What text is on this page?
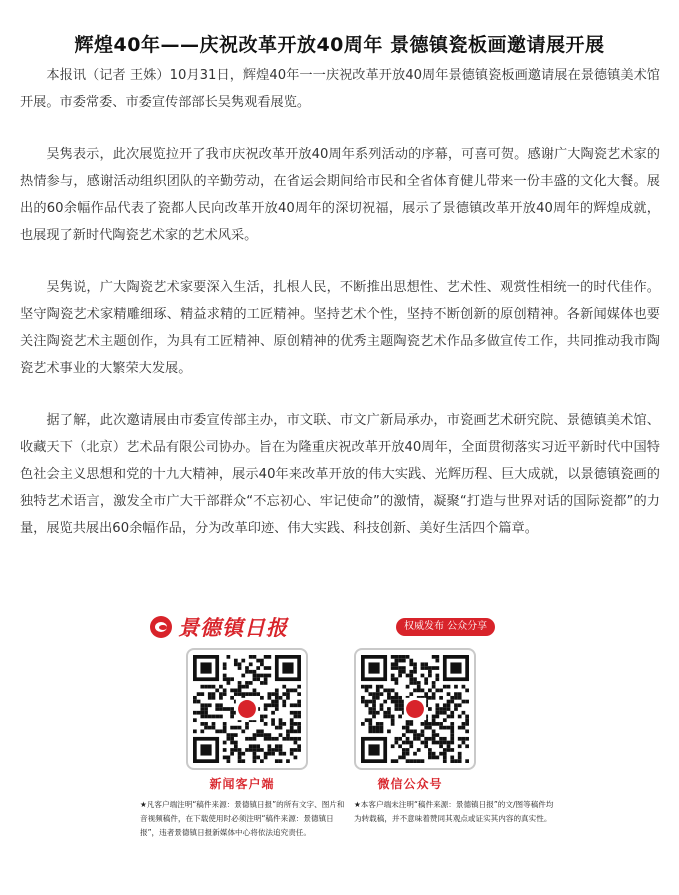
辉煌40年——庆祝改革开放40周年 景德镇瓷板画邀请展开展

本报讯（记者 王姝）10月31日，辉煌40年一一庆祝改革开放40周年景德镇瓷板画邀请展在景德镇美术馆开展。市委常委、市委宣传部部长吴隽观看展览。

吴隽表示，此次展览拉开了我市庆祝改革开放40周年系列活动的序幕，可喜可贺。感谢广大陶瓷艺术家的热情参与，感谢活动组织团队的辛勤劳动，在省运会期间给市民和全省体育健儿带来一份丰盛的文化大餐。展出的60余幅作品代表了瓷都人民向改革开放40周年的深切祝福，展示了景德镇改革开放40周年的辉煌成就，也展现了新时代陶瓷艺术家的艺术风采。

吴隽说，广大陶瓷艺术家要深入生活，扎根人民，不断推出思想性、艺术性、观赏性相统一的时代佳作。坚守陶瓷艺术家精雕细琢、精益求精的工匠精神。坚持艺术个性，坚持不断创新的原创精神。各新闻媒体也要关注陶瓷艺术主题创作，为具有工匠精神、原创精神的优秀主题陶瓷艺术作品多做宣传工作，共同推动我市陶瓷艺术事业的大繁荣大发展。

据了解，此次邀请展由市委宣传部主办，市文联、市文广新局承办，市瓷画艺术研究院、景德镇美术馆、收藏天下（北京）艺术品有限公司协办。旨在为隆重庆祝改革开放40周年，全面贯彻落实习近平新时代中国特色社会主义思想和党的十九大精神，展示40年来改革开放的伟大实践、光辉历程、巨大成就，以景德镇瓷画的独特艺术语言，激发全市广大干部群众“不忘初心、牢记使命”的激情，凝聚“打造与世界对话的国际瓷都”的力量，展览共展出60余幅作品，分为改革印迹、伟大实践、科技创新、美好生活四个篇章。

景德镇日报	权威发布 公众分享
新闻客户端	微信公众号
★凡客户端注明“稿件来源：景德镇日报”的所有文字、图片和音视频稿件，在下载使用时必须注明“稿件来源：景德镇日报”，违者景德镇日报新媒体中心将依法追究责任。
★本客户端未注明“稿件来源：景德镇日报”的文/图等稿件均为转载稿，并不意味着赞同其观点或证实其内容的真实性。
